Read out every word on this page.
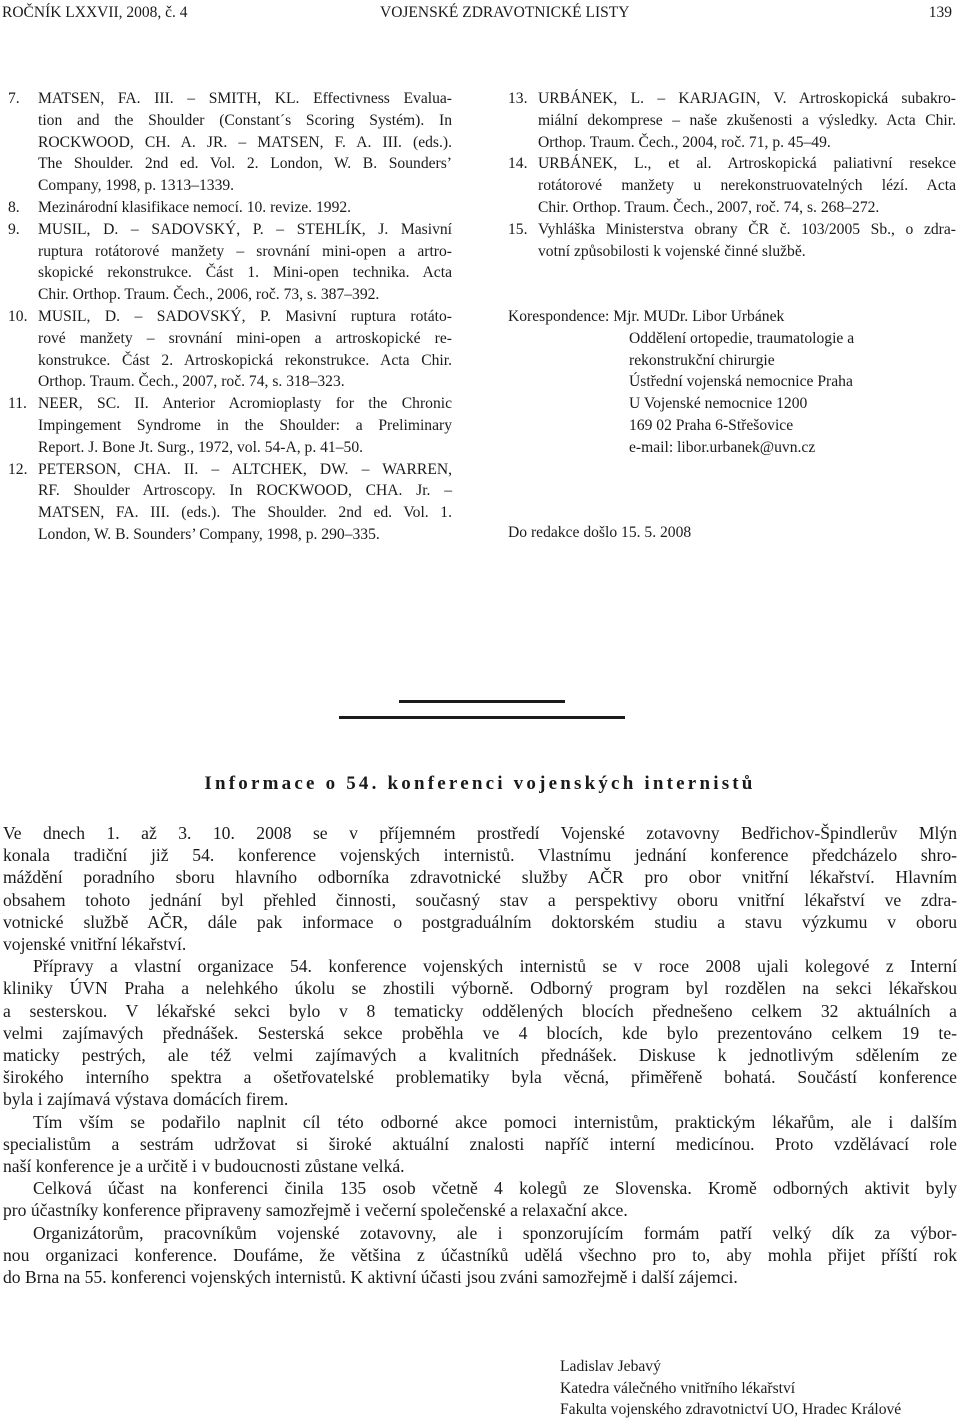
ROČNÍK LXXVII, 2008, č. 4	VOJENSKÉ ZDRAVOTNICKÉ LISTY	139
7. MATSEN, FA. III. – SMITH, KL. Effectivness Evalua-
tion and the Shoulder (Constant´s Scoring Systém). In
ROCKWOOD, CH. A. JR. – MATSEN, F. A. III. (eds.).
The Shoulder. 2nd ed. Vol. 2. London, W. B. Sounders’
Company, 1998, p. 1313–1339.
8. Mezinárodní klasifikace nemocí. 10. revize. 1992.
9. MUSIL, D. – SADOVSKÝ, P. – STEHLÍK, J. Masivní
ruptura rotátorové manžety – srovnání mini-open a artro-
skopické rekonstrukce. Část 1. Mini-open technika. Acta
Chir. Orthop. Traum. Čech., 2006, roč. 73, s. 387–392.
10. MUSIL, D. – SADOVSKÝ, P. Masivní ruptura rotáto-
rové manžety – srovnání mini-open a artroskopické re-
konstrukce. Část 2. Artroskopická rekonstrukce. Acta Chir.
Orthop. Traum. Čech., 2007, roč. 74, s. 318–323.
11. NEER, SC. II. Anterior Acromioplasty for the Chronic
Impingement Syndrome in the Shoulder: a Preliminary
Report. J. Bone Jt. Surg., 1972, vol. 54-A, p. 41–50.
12. PETERSON, CHA. II. – ALTCHEK, DW. – WARREN,
RF. Shoulder Artroscopy. In ROCKWOOD, CHA. Jr. –
MATSEN, FA. III. (eds.). The Shoulder. 2nd ed. Vol. 1.
London, W. B. Sounders’ Company, 1998, p. 290–335.
13. URBÁNEK, L. – KARJAGIN, V. Artroskopická subakro-
miální dekomprese – naše zkušenosti a výsledky. Acta Chir.
Orthop. Traum. Čech., 2004, roč. 71, p. 45–49.
14. URBÁNEK, L., et al. Artroskopická paliativní resekce
rotátorové manžety u nerekonstruovatelných lézí. Acta
Chir. Orthop. Traum. Čech., 2007, roč. 74, s. 268–272.
15. Vyhláška Ministerstva obrany ČR č. 103/2005 Sb., o zdra-
votní způsobilosti k vojenské činné službě.
Korespondence: Mjr. MUDr. Libor Urbánek
Oddělení ortopedie, traumatologie a
rekonstrukční chirurgie
Ústřední vojenská nemocnice Praha
U Vojenské nemocnice 1200
169 02 Praha 6-Střešovice
e-mail: libor.urbanek@uvn.cz
Do redakce došlo 15. 5. 2008
Informace o 54. konferenci vojenských internistů
Ve dnech 1. až 3. 10. 2008 se v příjemném prostředí Vojenské zotavovny Bedřichov-Špindlerův Mlýn
konala tradiční již 54. konference vojenských internistů. Vlastnímu jednání konference předcházelo shro-
máždění poradního sboru hlavního odborníka zdravotnické služby AČR pro obor vnitřní lékařství. Hlavním
obsahem tohoto jednání byl přehled činnosti, současný stav a perspektivy oboru vnitřní lékařství ve zdra-
votnické službě AČR, dále pak informace o postgraduálním doktorském studiu a stavu výzkumu v oboru
vojenské vnitřní lékařství.
Přípravy a vlastní organizace 54. konference vojenských internistů se v roce 2008 ujali kolegové z Interní
kliniky ÚVN Praha a nelehkého úkolu se zhostili výborně. Odborný program byl rozdělen na sekci lékařskou
a sesterskou. V lékařské sekci bylo v 8 tematicky oddělených blocích přednešeno celkem 32 aktuálních a
velmi zajímavých přednášek. Sesterská sekce proběhla ve 4 blocích, kde bylo prezentováno celkem 19 te-
maticky pestrých, ale též velmi zajímavých a kvalitních přednášek. Diskuse k jednotlivým sdělením ze
širokého interního spektra a ošetřovatelské problematiky byla věcná, přiměřeně bohatá. Součástí konference
byla i zajímavá výstava domácích firem.
Tím vším se podařilo naplnit cíl této odborné akce pomoci internistům, praktickým lékařům, ale i dalším
specialistům a sestrám udržovat si široké aktuální znalosti napříč interní medicínou. Proto vzdělávací role
naší konference je a určitě i v budoucnosti zůstane velká.
Celková účast na konferenci činila 135 osob včetně 4 kolegů ze Slovenska. Kromě odborných aktivit byly
pro účastníky konference připraveny samozřejmě i večerní společenské a relaxační akce.
Organizátorům, pracovníkům vojenské zotavovny, ale i sponzorujícím formám patří velký dík za výbor-
nou organizaci konference. Doufáme, že většina z účastníků udělá všechno pro to, aby mohla přijet příští rok
do Brna na 55. konferenci vojenských internistů. K aktivní účasti jsou zváni samozřejmě i další zájemci.
Ladislav Jebavý
Katedra válečného vnitřního lékařství
Fakulta vojenského zdravotnictví UO, Hradec Králové
